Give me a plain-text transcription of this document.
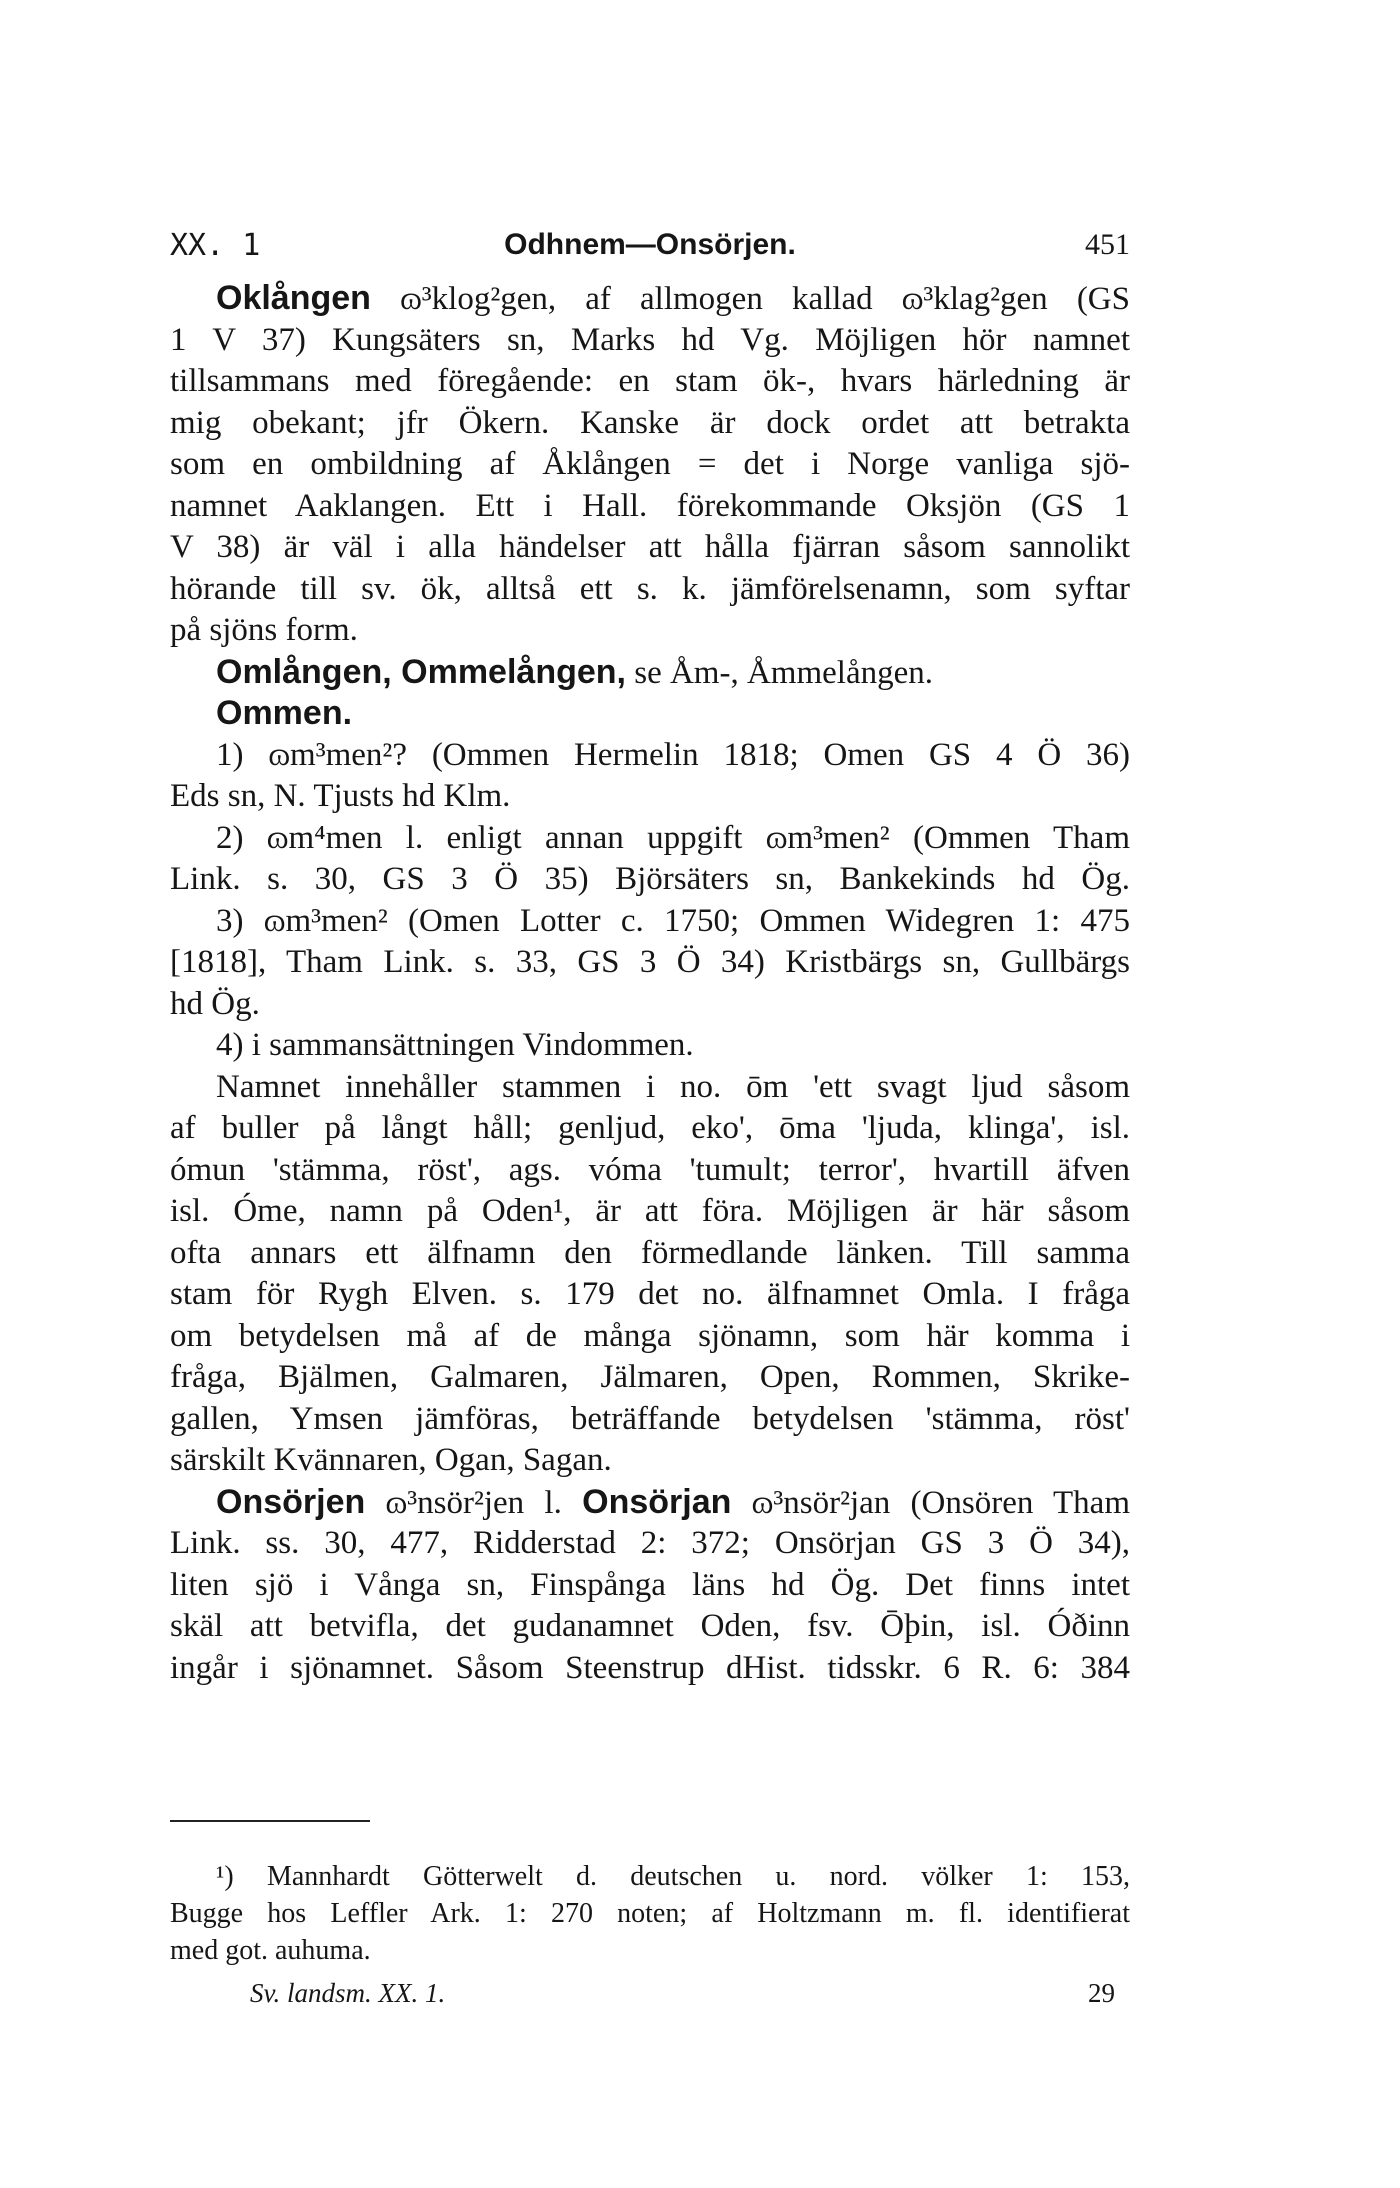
XX. 1	Odhnem—Onsörjen.	451
Oklången ɷ³klog²gen, af allmogen kallad ɷ³klag²gen (GS
1 V 37) Kungsäters sn, Marks hd Vg. Möjligen hör namnet
tillsammans med föregående: en stam ök-, hvars härledning är
mig obekant; jfr Ökern. Kanske är dock ordet att betrakta
som en ombildning af Åklången = det i Norge vanliga sjö-
namnet Aaklangen. Ett i Hall. förekommande Oksjön (GS 1
V 38) är väl i alla händelser att hålla fjärran såsom sannolikt
hörande till sv. ök, alltså ett s. k. jämförelsenamn, som syftar
på sjöns form.
Omlången, Ommelången, se Åm-, Åmmelången.
Ommen.
1) ɷm³men²? (Ommen Hermelin 1818; Omen GS 4 Ö 36)
Eds sn, N. Tjusts hd Klm.
2) ɷm⁴men l. enligt annan uppgift ɷm³men² (Ommen Tham
Link. s. 30, GS 3 Ö 35) Björsäters sn, Bankekinds hd Ög.
3) ɷm³men² (Omen Lotter c. 1750; Ommen Widegren 1: 475
[1818], Tham Link. s. 33, GS 3 Ö 34) Kristbärgs sn, Gullbärgs
hd Ög.
4) i sammansättningen Vindommen.
Namnet innehåller stammen i no. ōm 'ett svagt ljud såsom
af buller på långt håll; genljud, eko', ōma 'ljuda, klinga', isl.
ómun 'stämma, röst', ags. vóma 'tumult; terror', hvartill äfven
isl. Óme, namn på Oden¹, är att föra. Möjligen är här såsom
ofta annars ett älfnamn den förmedlande länken. Till samma
stam för Rygh Elven. s. 179 det no. älfnamnet Omla. I fråga
om betydelsen må af de många sjönamn, som här komma i
fråga, Bjälmen, Galmaren, Jälmaren, Open, Rommen, Skrike-
gallen, Ymsen jämföras, beträffande betydelsen 'stämma, röst'
särskilt Kvännaren, Ogan, Sagan.
Onsörjen ɷ³nsör²jen l. Onsörjan ɷ³nsör²jan (Onsören Tham
Link. ss. 30, 477, Ridderstad 2: 372; Onsörjan GS 3 Ö 34),
liten sjö i Vånga sn, Finspånga läns hd Ög. Det finns intet
skäl att betvifla, det gudanamnet Oden, fsv. Ōþin, isl. Óðinn
ingår i sjönamnet. Såsom Steenstrup dHist. tidsskr. 6 R. 6: 384
¹) Mannhardt Götterwelt d. deutschen u. nord. völker 1: 153,
Bugge hos Leffler Ark. 1: 270 noten; af Holtzmann m. fl. identifierat
med got. auhuma.
Sv. landsm. XX. 1.	29
